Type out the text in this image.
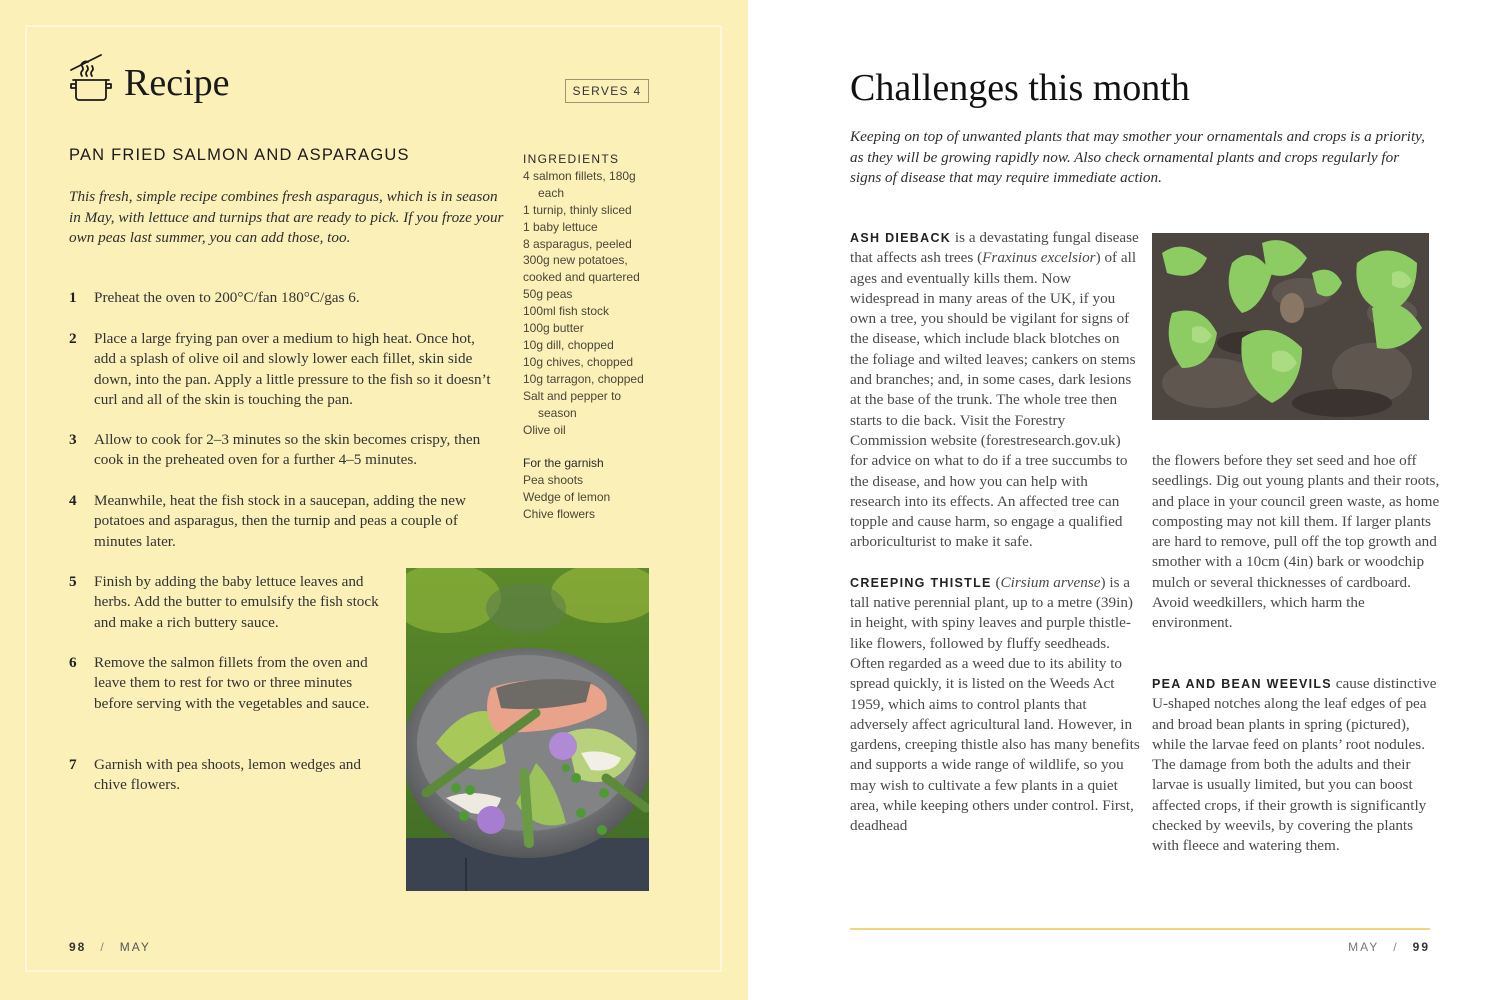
Recipe	SERVES 4
PAN FRIED SALMON AND ASPARAGUS
This fresh, simple recipe combines fresh asparagus, which is in season in May, with lettuce and turnips that are ready to pick. If you froze your own peas last summer, you can add those, too.
1	Preheat the oven to 200°C/fan 180°C/gas 6.
2	Place a large frying pan over a medium to high heat. Once hot, add a splash of olive oil and slowly lower each fillet, skin side down, into the pan. Apply a little pressure to the fish so it doesn’t curl and all of the skin is touching the pan.
3	Allow to cook for 2–3 minutes so the skin becomes crispy, then cook in the preheated oven for a further 4–5 minutes.
4	Meanwhile, heat the fish stock in a saucepan, adding the new potatoes and asparagus, then the turnip and peas a couple of minutes later.
5	Finish by adding the baby lettuce leaves and herbs. Add the butter to emulsify the fish stock and make a rich buttery sauce.
6	Remove the salmon fillets from the oven and leave them to rest for two or three minutes before serving with the vegetables and sauce.
7	Garnish with pea shoots, lemon wedges and chive flowers.
INGREDIENTS
4 salmon fillets, 180g each
1 turnip, thinly sliced
1 baby lettuce
8 asparagus, peeled
300g new potatoes, cooked and quartered
50g peas
100ml fish stock
100g butter
10g dill, chopped
10g chives, chopped
10g tarragon, chopped
Salt and pepper to season
Olive oil
For the garnish
Pea shoots
Wedge of lemon
Chive flowers
98 / MAY
Challenges this month
Keeping on top of unwanted plants that may smother your ornamentals and crops is a priority, as they will be growing rapidly now. Also check ornamental plants and crops regularly for signs of disease that may require immediate action.
ASH DIEBACK is a devastating fungal disease that affects ash trees (Fraxinus excelsior) of all ages and eventually kills them. Now widespread in many areas of the UK, if you own a tree, you should be vigilant for signs of the disease, which include black blotches on the foliage and wilted leaves; cankers on stems and branches; and, in some cases, dark lesions at the base of the trunk. The whole tree then starts to die back. Visit the Forestry Commission website (forestresearch.gov.uk) for advice on what to do if a tree succumbs to the disease, and how you can help with research into its effects. An affected tree can topple and cause harm, so engage a qualified arboriculturist to make it safe.
CREEPING THISTLE (Cirsium arvense) is a tall native perennial plant, up to a metre (39in) in height, with spiny leaves and purple thistle-like flowers, followed by fluffy seedheads. Often regarded as a weed due to its ability to spread quickly, it is listed on the Weeds Act 1959, which aims to control plants that adversely affect agricultural land. However, in gardens, creeping thistle also has many benefits and supports a wide range of wildlife, so you may wish to cultivate a few plants in a quiet area, while keeping others under control. First, deadhead
the flowers before they set seed and hoe off seedlings. Dig out young plants and their roots, and place in your council green waste, as home composting may not kill them. If larger plants are hard to remove, pull off the top growth and smother with a 10cm (4in) bark or woodchip mulch or several thicknesses of cardboard. Avoid weedkillers, which harm the environment.
PEA AND BEAN WEEVILS cause distinctive U-shaped notches along the leaf edges of pea and broad bean plants in spring (pictured), while the larvae feed on plants’ root nodules. The damage from both the adults and their larvae is usually limited, but you can boost affected crops, if their growth is significantly checked by weevils, by covering the plants with fleece and watering them.
MAY / 99
